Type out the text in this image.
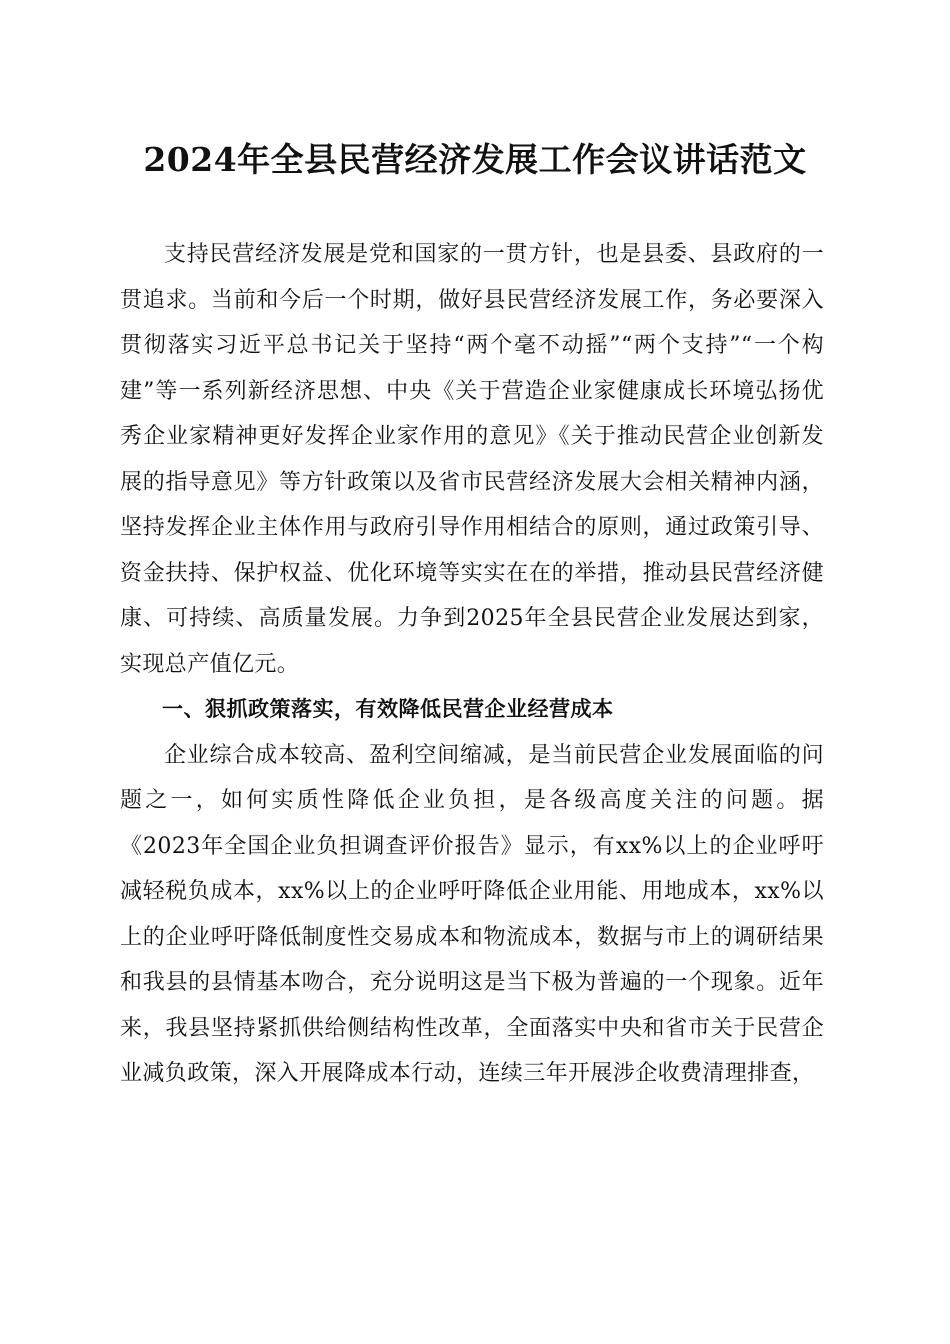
2024年全县民营经济发展工作会议讲话范文

支持民营经济发展是党和国家的一贯方针，也是县委、县政府的一贯追求。当前和今后一个时期，做好县民营经济发展工作，务必要深入贯彻落实习近平总书记关于坚持“两个毫不动摇”“两个支持”“一个构建”等一系列新经济思想、中央《关于营造企业家健康成长环境弘扬优秀企业家精神更好发挥企业家作用的意见》《关于推动民营企业创新发展的指导意见》等方针政策以及省市民营经济发展大会相关精神内涵，坚持发挥企业主体作用与政府引导作用相结合的原则，通过政策引导、资金扶持、保护权益、优化环境等实实在在的举措，推动县民营经济健康、可持续、高质量发展。力争到2025年全县民营企业发展达到家，实现总产值亿元。

一、狠抓政策落实，有效降低民营企业经营成本

企业综合成本较高、盈利空间缩减，是当前民营企业发展面临的问题之一，如何实质性降低企业负担，是各级高度关注的问题。据《2023年全国企业负担调查评价报告》显示，有xx%以上的企业呼吁减轻税负成本，xx%以上的企业呼吁降低企业用能、用地成本，xx%以上的企业呼吁降低制度性交易成本和物流成本，数据与市上的调研结果和我县的县情基本吻合，充分说明这是当下极为普遍的一个现象。近年来，我县坚持紧抓供给侧结构性改革，全面落实中央和省市关于民营企业减负政策，深入开展降成本行动，连续三年开展涉企收费清理排查，
